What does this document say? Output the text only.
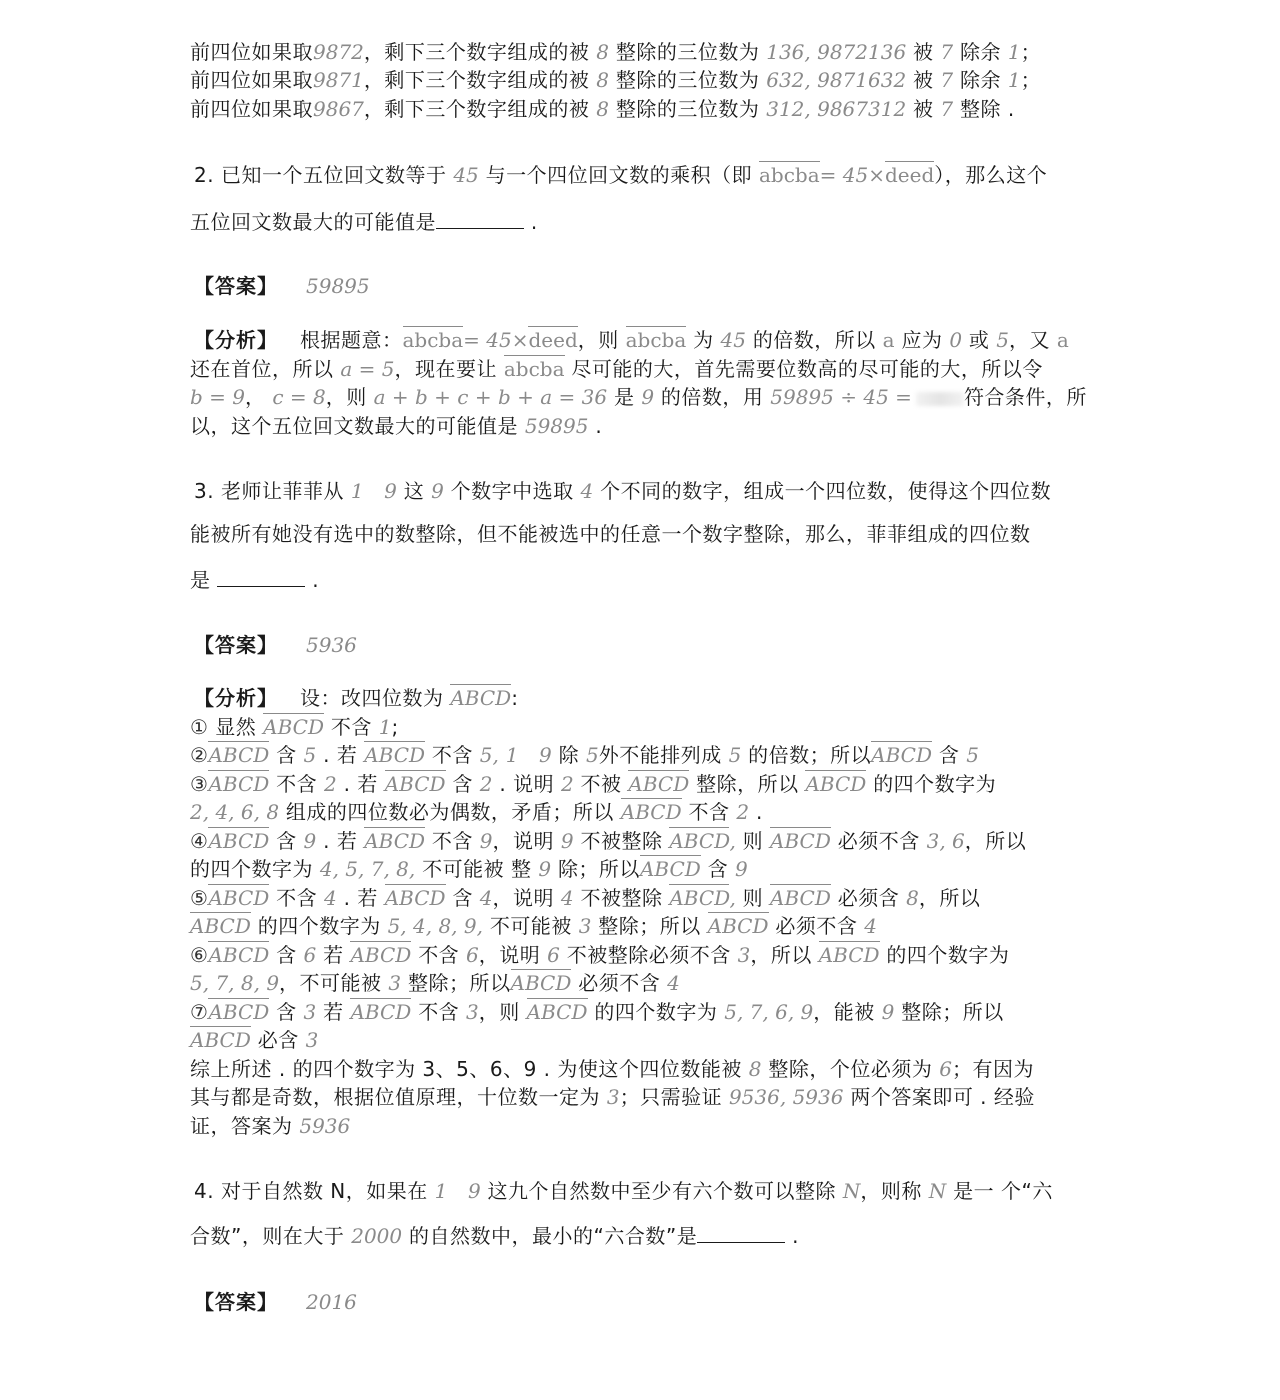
前四位如果取9872，剩下三个数字组成的被 8 整除的三位数为 136, 9872136 被 7 除余 1；
前四位如果取9871，剩下三个数字组成的被 8 整除的三位数为 632, 9871632 被 7 除余 1；
前四位如果取9867，剩下三个数字组成的被 8 整除的三位数为 312, 9867312 被 7 整除 .
2. 已知一个五位回文数等于 45 与一个四位回文数的乘积（即 abcba= 45×deed），那么这个
五位回文数最大的可能值是	.
【答案】 59895
【分析】 根据题意：abcba= 45×deed，则 abcba 为 45 的倍数，所以 a 应为 0 或 5，又 a
还在首位，所以 a = 5，现在要让 abcba 尽可能的大，首先需要位数高的尽可能的大，所以令
b = 9， c = 8，则 a + b + c + b + a = 36 是 9 的倍数，用 59895 ÷ 45 =	符合条件，所
以，这个五位回文数最大的可能值是 59895 .
3. 老师让菲菲从 1 9 这 9 个数字中选取 4 个不同的数字，组成一个四位数，使得这个四位数
能被所有她没有选中的数整除，但不能被选中的任意一个数字整除，那么，菲菲组成的四位数
是	.
【答案】 5936
【分析】 设：改四位数为 ABCD:
① 显然 ABCD 不含 1;
②ABCD 含 5 . 若 ABCD 不含 5, 1 9 除 5外不能排列成 5 的倍数；所以ABCD 含 5
③ABCD 不含 2 . 若 ABCD 含 2 . 说明 2 不被 ABCD 整除，所以 ABCD 的四个数字为
2, 4, 6, 8 组成的四位数必为偶数，矛盾；所以 ABCD 不含 2 .
④ABCD 含 9 . 若 ABCD 不含 9，说明 9 不被整除 ABCD, 则 ABCD 必须不含 3, 6，所以
的四个数字为 4, 5, 7, 8, 不可能被 整 9 除；所以ABCD 含 9
⑤ABCD 不含 4 . 若 ABCD 含 4，说明 4 不被整除 ABCD, 则 ABCD 必须含 8，所以
ABCD 的四个数字为 5, 4, 8, 9, 不可能被 3 整除；所以 ABCD 必须不含 4
⑥ABCD 含 6 若 ABCD 不含 6，说明 6 不被整除必须不含 3，所以 ABCD 的四个数字为
5, 7, 8, 9，不可能被 3 整除；所以ABCD 必须不含 4
⑦ABCD 含 3 若 ABCD 不含 3，则 ABCD 的四个数字为 5, 7, 6, 9，能被 9 整除；所以
ABCD 必含 3
综上所述 . 的四个数字为 3、5、6、9 . 为使这个四位数能被 8 整除，个位必须为 6；有因为
其与都是奇数，根据位值原理，十位数一定为 3；只需验证 9536, 5936 两个答案即可 . 经验
证，答案为 5936
4. 对于自然数 N，如果在 1 9 这九个自然数中至少有六个数可以整除 N，则称 N 是一 个“六
合数”，则在大于 2000 的自然数中，最小的“六合数”是	.
【答案】 2016
